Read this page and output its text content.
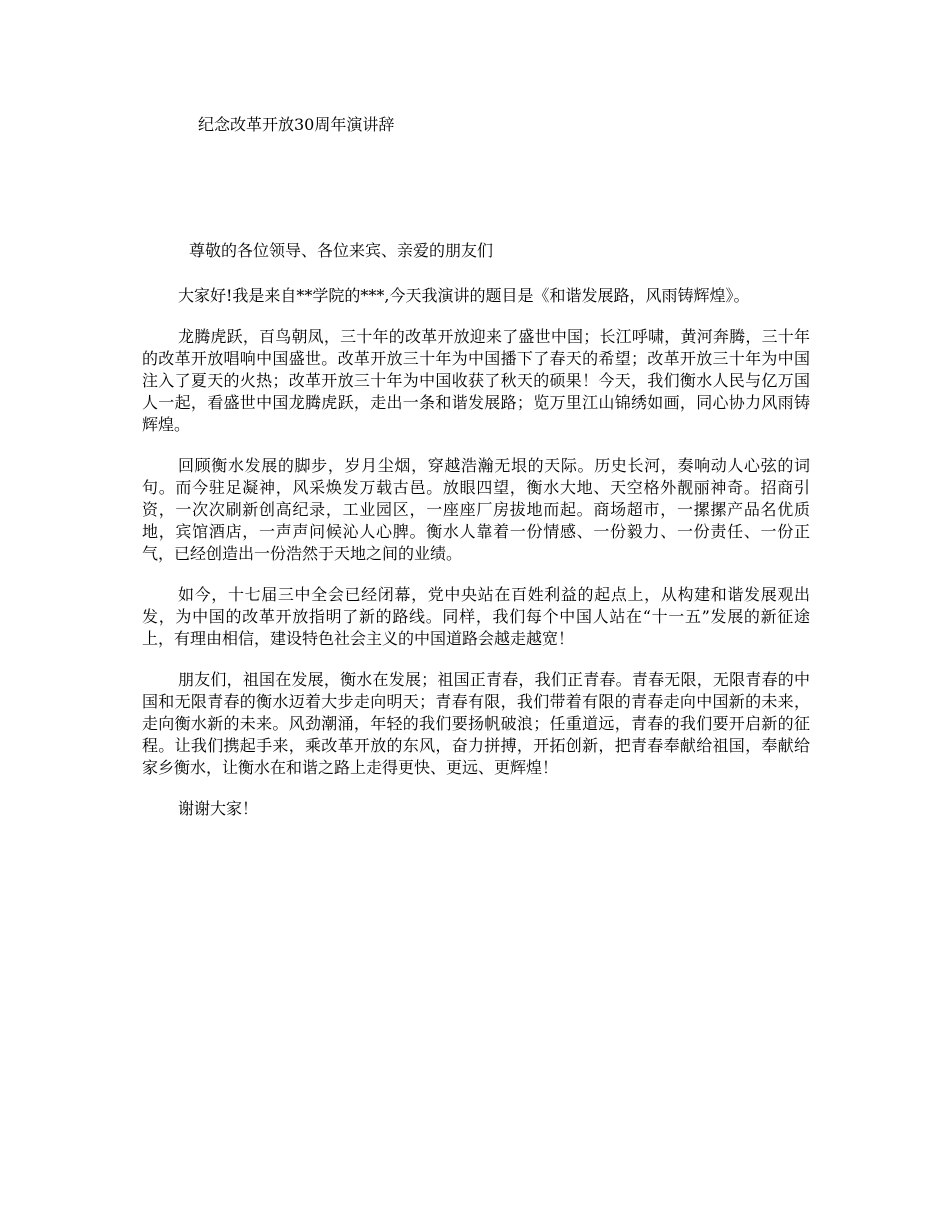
纪念改革开放30周年演讲辞
尊敬的各位领导、各位来宾、亲爱的朋友们

大家好!我是来自**学院的***,今天我演讲的题目是《和谐发展路，风雨铸辉煌》。

龙腾虎跃，百鸟朝凤，三十年的改革开放迎来了盛世中国；长江呼啸，黄河奔腾，三十年的改革开放唱响中国盛世。改革开放三十年为中国播下了春天的希望；改革开放三十年为中国注入了夏天的火热；改革开放三十年为中国收获了秋天的硕果！今天，我们衡水人民与亿万国人一起，看盛世中国龙腾虎跃，走出一条和谐发展路；览万里江山锦绣如画，同心协力风雨铸辉煌。

回顾衡水发展的脚步，岁月尘烟，穿越浩瀚无垠的天际。历史长河，奏响动人心弦的词句。而今驻足凝神，风采焕发万载古邑。放眼四望，衡水大地、天空格外靓丽神奇。招商引资，一次次刷新创高纪录，工业园区，一座座厂房拔地而起。商场超市，一摞摞产品名优质地，宾馆酒店，一声声问候沁人心脾。衡水人靠着一份情感、一份毅力、一份责任、一份正气，已经创造出一份浩然于天地之间的业绩。

如今，十七届三中全会已经闭幕，党中央站在百姓利益的起点上，从构建和谐发展观出发，为中国的改革开放指明了新的路线。同样，我们每个中国人站在“十一五”发展的新征途上，有理由相信，建设特色社会主义的中国道路会越走越宽！

朋友们，祖国在发展，衡水在发展；祖国正青春，我们正青春。青春无限，无限青春的中国和无限青春的衡水迈着大步走向明天；青春有限，我们带着有限的青春走向中国新的未来，走向衡水新的未来。风劲潮涌，年轻的我们要扬帆破浪；任重道远，青春的我们要开启新的征程。让我们携起手来，乘改革开放的东风，奋力拼搏，开拓创新，把青春奉献给祖国，奉献给家乡衡水，让衡水在和谐之路上走得更快、更远、更辉煌！

谢谢大家！
